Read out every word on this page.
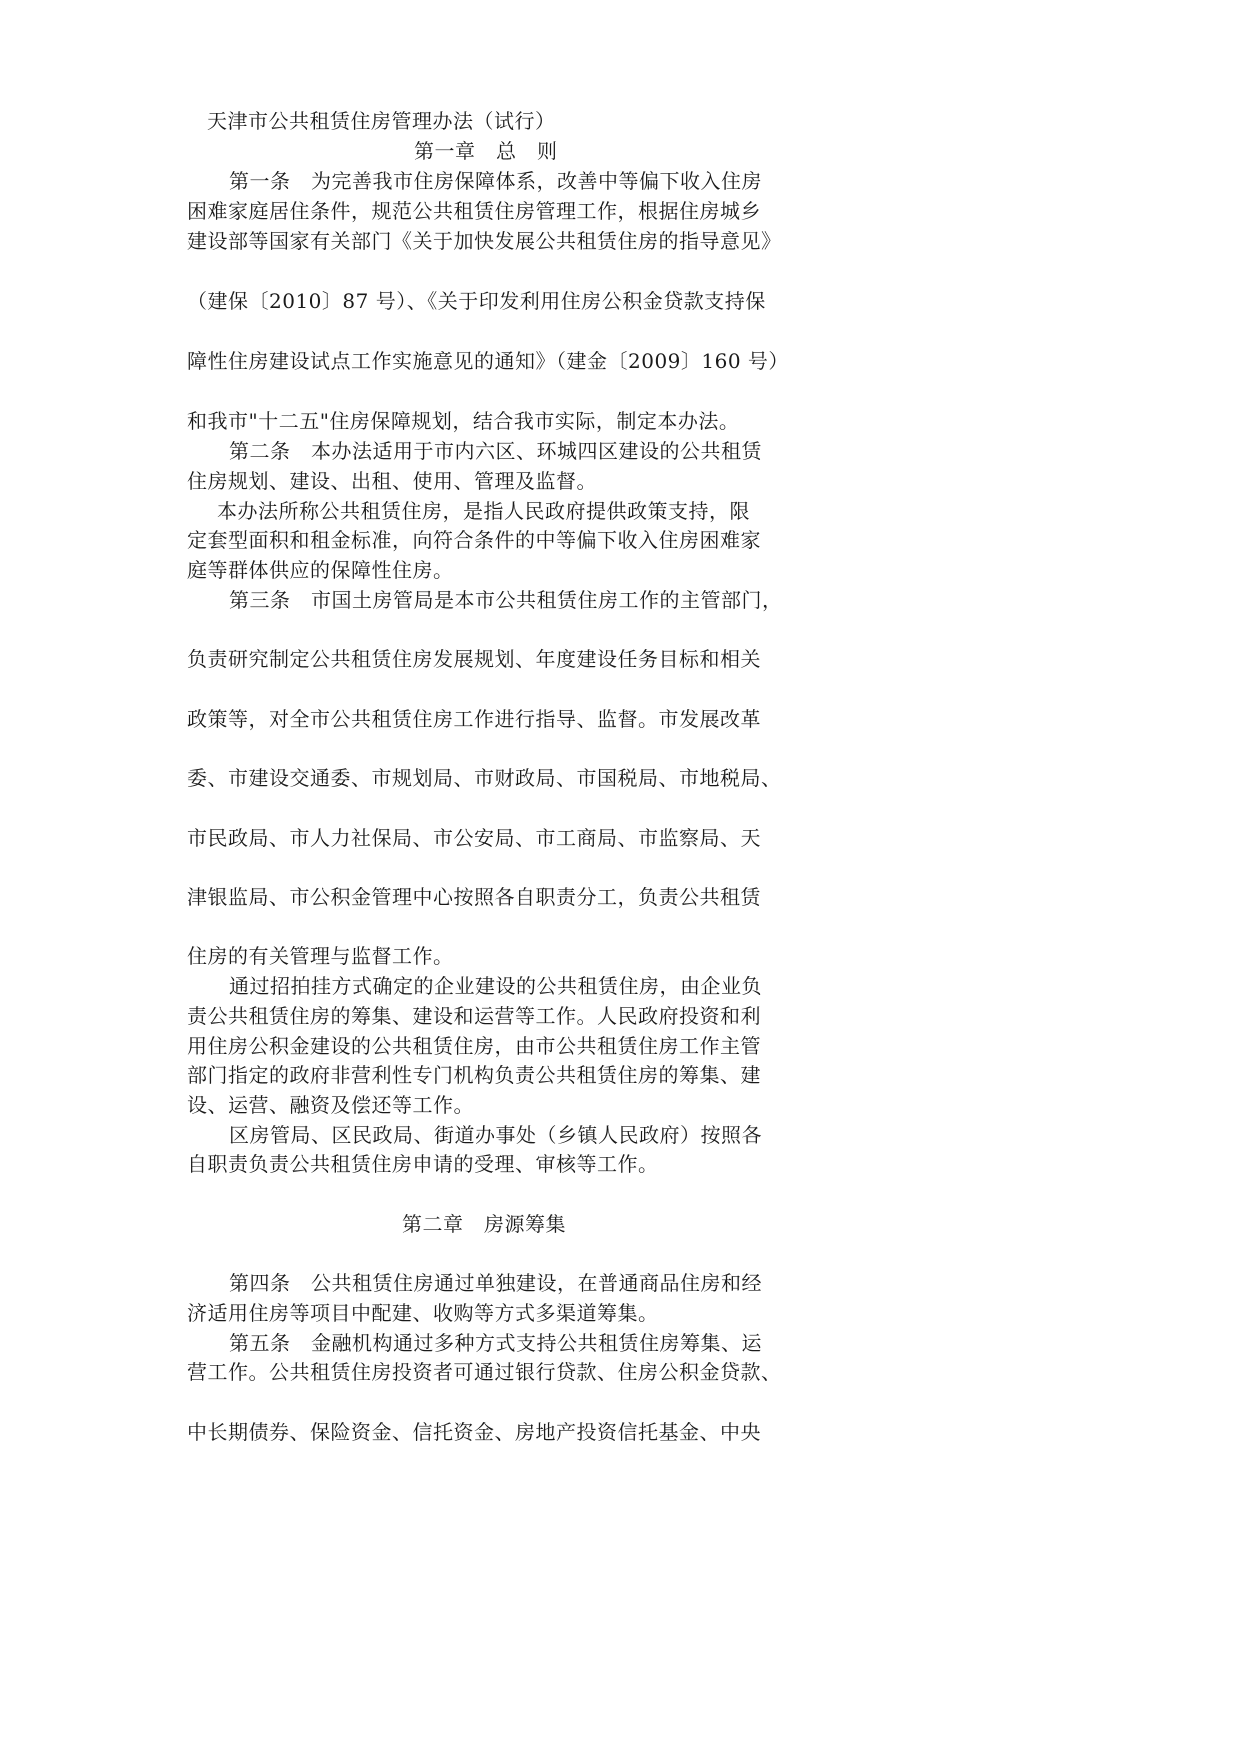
天津市公共租赁住房管理办法（试行）
第一章　总　则
第一条　为完善我市住房保障体系，改善中等偏下收入住房
困难家庭居住条件，规范公共租赁住房管理工作，根据住房城乡
建设部等国家有关部门《关于加快发展公共租赁住房的指导意见》
（建保〔2010〕87 号）、《关于印发利用住房公积金贷款支持保
障性住房建设试点工作实施意见的通知》（建金〔2009〕160 号）
和我市"十二五"住房保障规划，结合我市实际，制定本办法。
第二条　本办法适用于市内六区、环城四区建设的公共租赁
住房规划、建设、出租、使用、管理及监督。
本办法所称公共租赁住房，是指人民政府提供政策支持，限
定套型面积和租金标准，向符合条件的中等偏下收入住房困难家
庭等群体供应的保障性住房。
第三条　市国土房管局是本市公共租赁住房工作的主管部门，
负责研究制定公共租赁住房发展规划、年度建设任务目标和相关
政策等，对全市公共租赁住房工作进行指导、监督。市发展改革
委、市建设交通委、市规划局、市财政局、市国税局、市地税局、
市民政局、市人力社保局、市公安局、市工商局、市监察局、天
津银监局、市公积金管理中心按照各自职责分工，负责公共租赁
住房的有关管理与监督工作。
通过招拍挂方式确定的企业建设的公共租赁住房，由企业负
责公共租赁住房的筹集、建设和运营等工作。人民政府投资和利
用住房公积金建设的公共租赁住房，由市公共租赁住房工作主管
部门指定的政府非营利性专门机构负责公共租赁住房的筹集、建
设、运营、融资及偿还等工作。
区房管局、区民政局、街道办事处（乡镇人民政府）按照各
自职责负责公共租赁住房申请的受理、审核等工作。
第二章　房源筹集
第四条　公共租赁住房通过单独建设，在普通商品住房和经
济适用住房等项目中配建、收购等方式多渠道筹集。
第五条　金融机构通过多种方式支持公共租赁住房筹集、运
营工作。公共租赁住房投资者可通过银行贷款、住房公积金贷款、
中长期债券、保险资金、信托资金、房地产投资信托基金、中央
